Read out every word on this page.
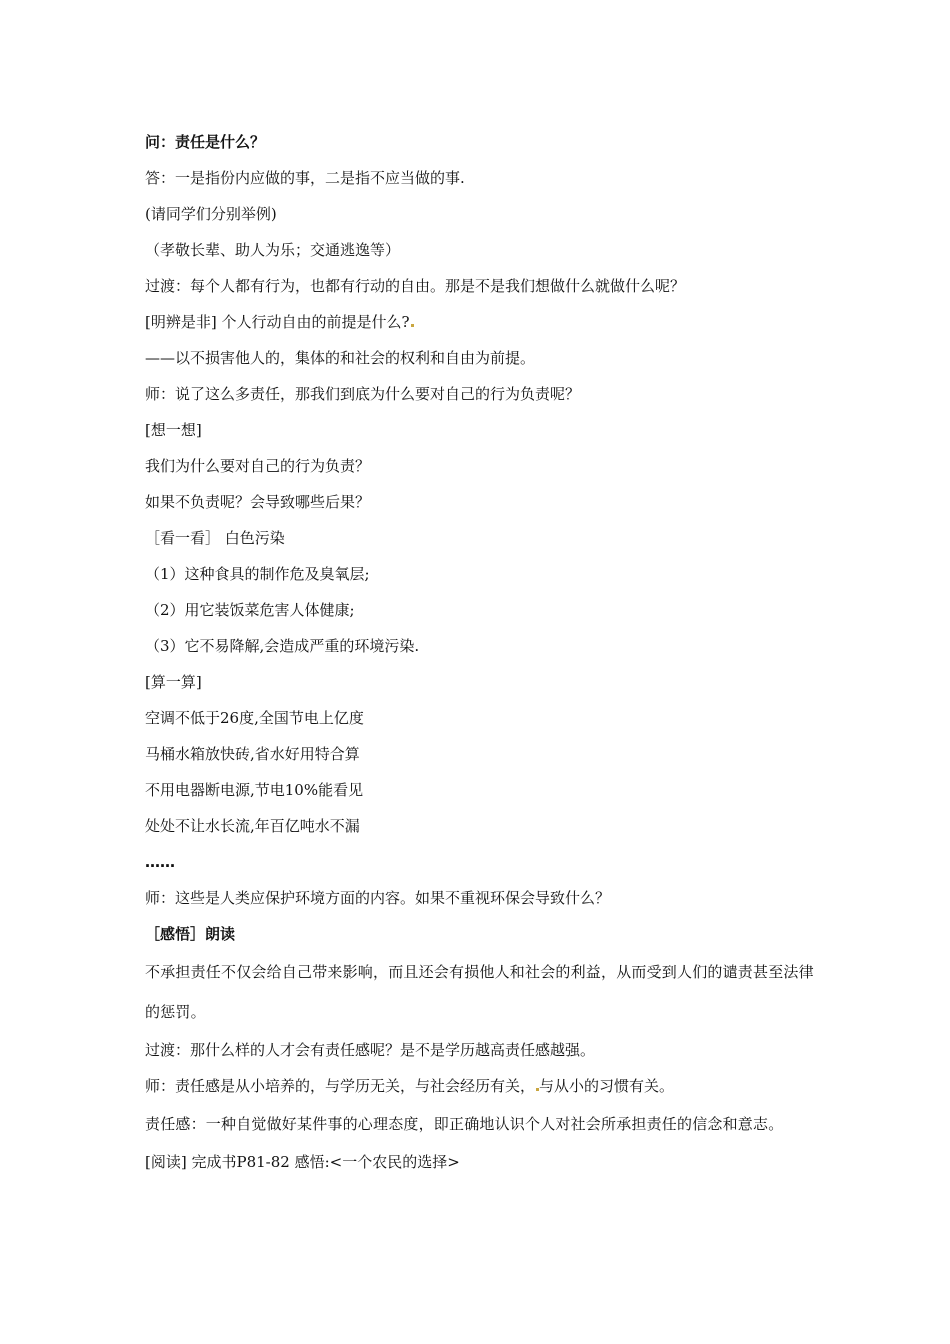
问：责任是什么？
答：一是指份内应做的事，二是指不应当做的事.
(请同学们分别举例)
（孝敬长辈、助人为乐；交通逃逸等）
过渡：每个人都有行为，也都有行动的自由。那是不是我们想做什么就做什么呢？
[明辨是非] 个人行动自由的前提是什么?
——以不损害他人的，集体的和社会的权利和自由为前提。
师：说了这么多责任，那我们到底为什么要对自己的行为负责呢？
[想一想]
我们为什么要对自己的行为负责？
如果不负责呢？会导致哪些后果？
［看一看］ 白色污染
（1）这种食具的制作危及臭氧层;
（2）用它装饭菜危害人体健康;
（3）它不易降解,会造成严重的环境污染.
[算一算]
空调不低于26度,全国节电上亿度
马桶水箱放快砖,省水好用特合算
不用电器断电源,节电10%能看见
处处不让水长流,年百亿吨水不漏
……
师：这些是人类应保护环境方面的内容。如果不重视环保会导致什么？
［感悟］朗读
不承担责任不仅会给自己带来影响，而且还会有损他人和社会的利益，从而受到人们的谴责甚至法律的惩罚。
过渡：那什么样的人才会有责任感呢？是不是学历越高责任感越强。
师：责任感是从小培养的，与学历无关，与社会经历有关， 与从小的习惯有关。
责任感：一种自觉做好某件事的心理态度，即正确地认识个人对社会所承担责任的信念和意志。
[阅读] 完成书P81-82 感悟:<一个农民的选择>
